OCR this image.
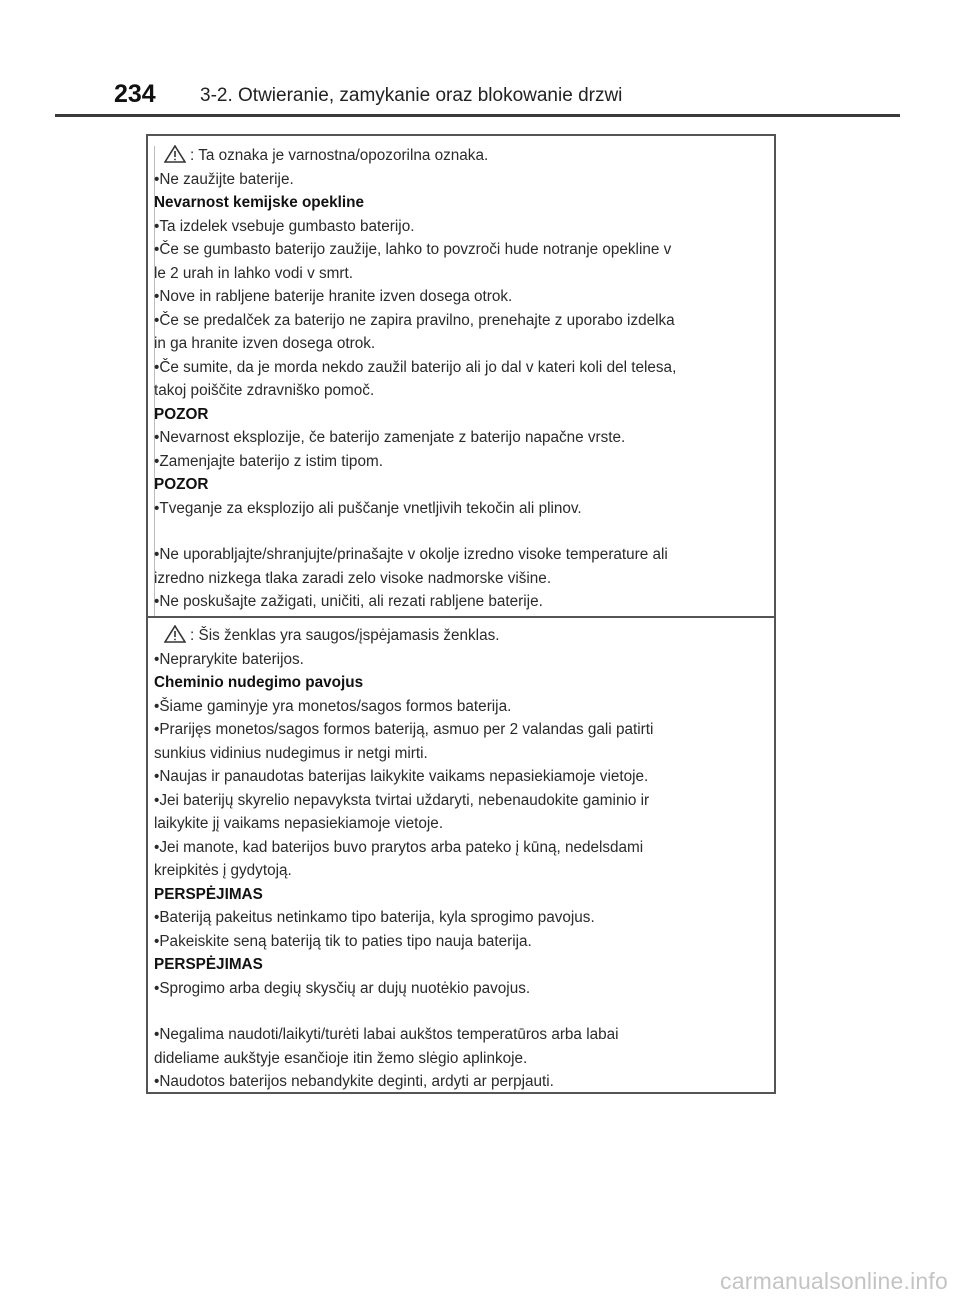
234 3-2. Otwieranie, zamykanie oraz blokowanie drzwi

: Ta oznaka je varnostna/opozorilna oznaka.

•Ne zaužijte baterije.

Nevarnost kemijske opekline

•Ta izdelek vsebuje gumbasto baterijo.

•Če se gumbasto baterijo zaužije, lahko to povzroči hude notranje opekline v

le 2 urah in lahko vodi v smrt.

•Nove in rabljene baterije hranite izven dosega otrok.

•Če se predalček za baterijo ne zapira pravilno, prenehajte z uporabo izdelka

in ga hranite izven dosega otrok.

•Če sumite, da je morda nekdo zaužil baterijo ali jo dal v kateri koli del telesa,

takoj poiščite zdravniško pomoč.

POZOR

•Nevarnost eksplozije, če baterijo zamenjate z baterijo napačne vrste.

•Zamenjajte baterijo z istim tipom.

POZOR

•Tveganje za eksplozijo ali puščanje vnetljivih tekočin ali plinov.

•Ne uporabljajte/shranjujte/prinašajte v okolje izredno visoke temperature ali

izredno nizkega tlaka zaradi zelo visoke nadmorske višine.

•Ne poskušajte zažigati, uničiti, ali rezati rabljene baterije.

: Šis ženklas yra saugos/įspėjamasis ženklas.

•Neprarykite baterijos.

Cheminio nudegimo pavojus

•Šiame gaminyje yra monetos/sagos formos baterija.

•Prarijęs monetos/sagos formos bateriją, asmuo per 2 valandas gali patirti

sunkius vidinius nudegimus ir netgi mirti.

•Naujas ir panaudotas baterijas laikykite vaikams nepasiekiamoje vietoje.

•Jei baterijų skyrelio nepavyksta tvirtai uždaryti, nebenaudokite gaminio ir

laikykite jį vaikams nepasiekiamoje vietoje.

•Jei manote, kad baterijos buvo prarytos arba pateko į kūną, nedelsdami

kreipkitės į gydytoją.

PERSPĖJIMAS

•Bateriją pakeitus netinkamo tipo baterija, kyla sprogimo pavojus.

•Pakeiskite seną bateriją tik to paties tipo nauja baterija.

PERSPĖJIMAS

•Sprogimo arba degių skysčių ar dujų nuotėkio pavojus.

•Negalima naudoti/laikyti/turėti labai aukštos temperatūros arba labai

dideliame aukštyje esančioje itin žemo slėgio aplinkoje.

•Naudotos baterijos nebandykite deginti, ardyti ar perpjauti.

carmanualsonline.info
